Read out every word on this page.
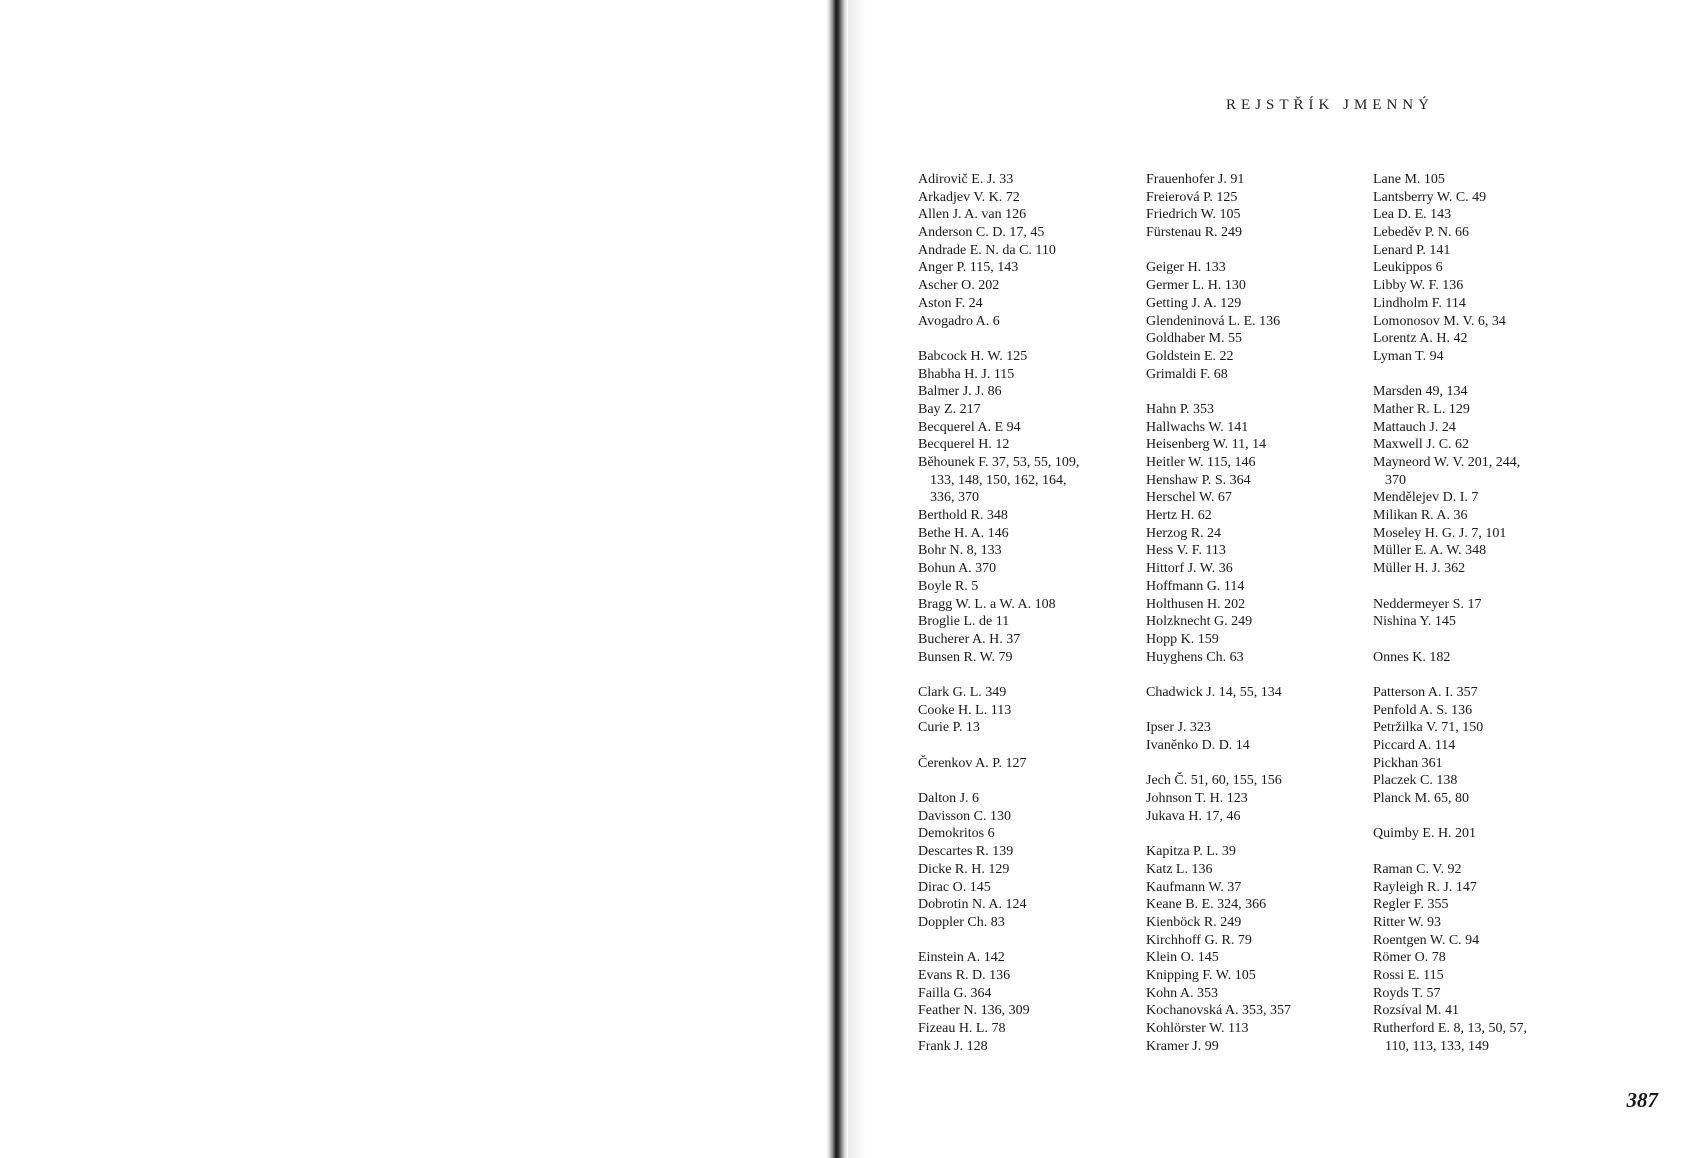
REJSTŘÍK JMENNÝ
Adirovič E. J. 33
Arkadjev V. K. 72
Allen J. A. van 126
Anderson C. D. 17, 45
Andrade E. N. da C. 110
Anger P. 115, 143
Ascher O. 202
Aston F. 24
Avogadro A. 6
Babcock H. W. 125
Bhabha H. J. 115
Balmer J. J. 86
Bay Z. 217
Becquerel A. E 94
Becquerel H. 12
Běhounek F. 37, 53, 55, 109,
133, 148, 150, 162, 164,
336, 370
Berthold R. 348
Bethe H. A. 146
Bohr N. 8, 133
Bohun A. 370
Boyle R. 5
Bragg W. L. a W. A. 108
Broglie L. de 11
Bucherer A. H. 37
Bunsen R. W. 79
Clark G. L. 349
Cooke H. L. 113
Curie P. 13
Čerenkov A. P. 127
Dalton J. 6
Davisson C. 130
Demokritos 6
Descartes R. 139
Dicke R. H. 129
Dirac O. 145
Dobrotin N. A. 124
Doppler Ch. 83
Einstein A. 142
Evans R. D. 136
Failla G. 364
Feather N. 136, 309
Fizeau H. L. 78
Frank J. 128
Frauenhofer J. 91
Freierová P. 125
Friedrich W. 105
Fürstenau R. 249
Geiger H. 133
Germer L. H. 130
Getting J. A. 129
Glendeninová L. E. 136
Goldhaber M. 55
Goldstein E. 22
Grimaldi F. 68
Hahn P. 353
Hallwachs W. 141
Heisenberg W. 11, 14
Heitler W. 115, 146
Henshaw P. S. 364
Herschel W. 67
Hertz H. 62
Herzog R. 24
Hess V. F. 113
Hittorf J. W. 36
Hoffmann G. 114
Holthusen H. 202
Holzknecht G. 249
Hopp K. 159
Huyghens Ch. 63
Chadwick J. 14, 55, 134
Ipser J. 323
Ivaněnko D. D. 14
Jech Č. 51, 60, 155, 156
Johnson T. H. 123
Jukava H. 17, 46
Kapitza P. L. 39
Katz L. 136
Kaufmann W. 37
Keane B. E. 324, 366
Kienböck R. 249
Kirchhoff G. R. 79
Klein O. 145
Knipping F. W. 105
Kohn A. 353
Kochanovská A. 353, 357
Kohlörster W. 113
Kramer J. 99
Lane M. 105
Lantsberry W. C. 49
Lea D. E. 143
Lebeděv P. N. 66
Lenard P. 141
Leukippos 6
Libby W. F. 136
Lindholm F. 114
Lomonosov M. V. 6, 34
Lorentz A. H. 42
Lyman T. 94
Marsden 49, 134
Mather R. L. 129
Mattauch J. 24
Maxwell J. C. 62
Mayneord W. V. 201, 244,
370
Mendělejev D. I. 7
Milikan R. A. 36
Moseley H. G. J. 7, 101
Müller E. A. W. 348
Müller H. J. 362
Neddermeyer S. 17
Nishina Y. 145
Onnes K. 182
Patterson A. I. 357
Penfold A. S. 136
Petržilka V. 71, 150
Piccard A. 114
Pickhan 361
Placzek C. 138
Planck M. 65, 80
Quimby E. H. 201
Raman C. V. 92
Rayleigh R. J. 147
Regler F. 355
Ritter W. 93
Roentgen W. C. 94
Römer O. 78
Rossi E. 115
Royds T. 57
Rozsíval M. 41
Rutherford E. 8, 13, 50, 57,
110, 113, 133, 149
387
